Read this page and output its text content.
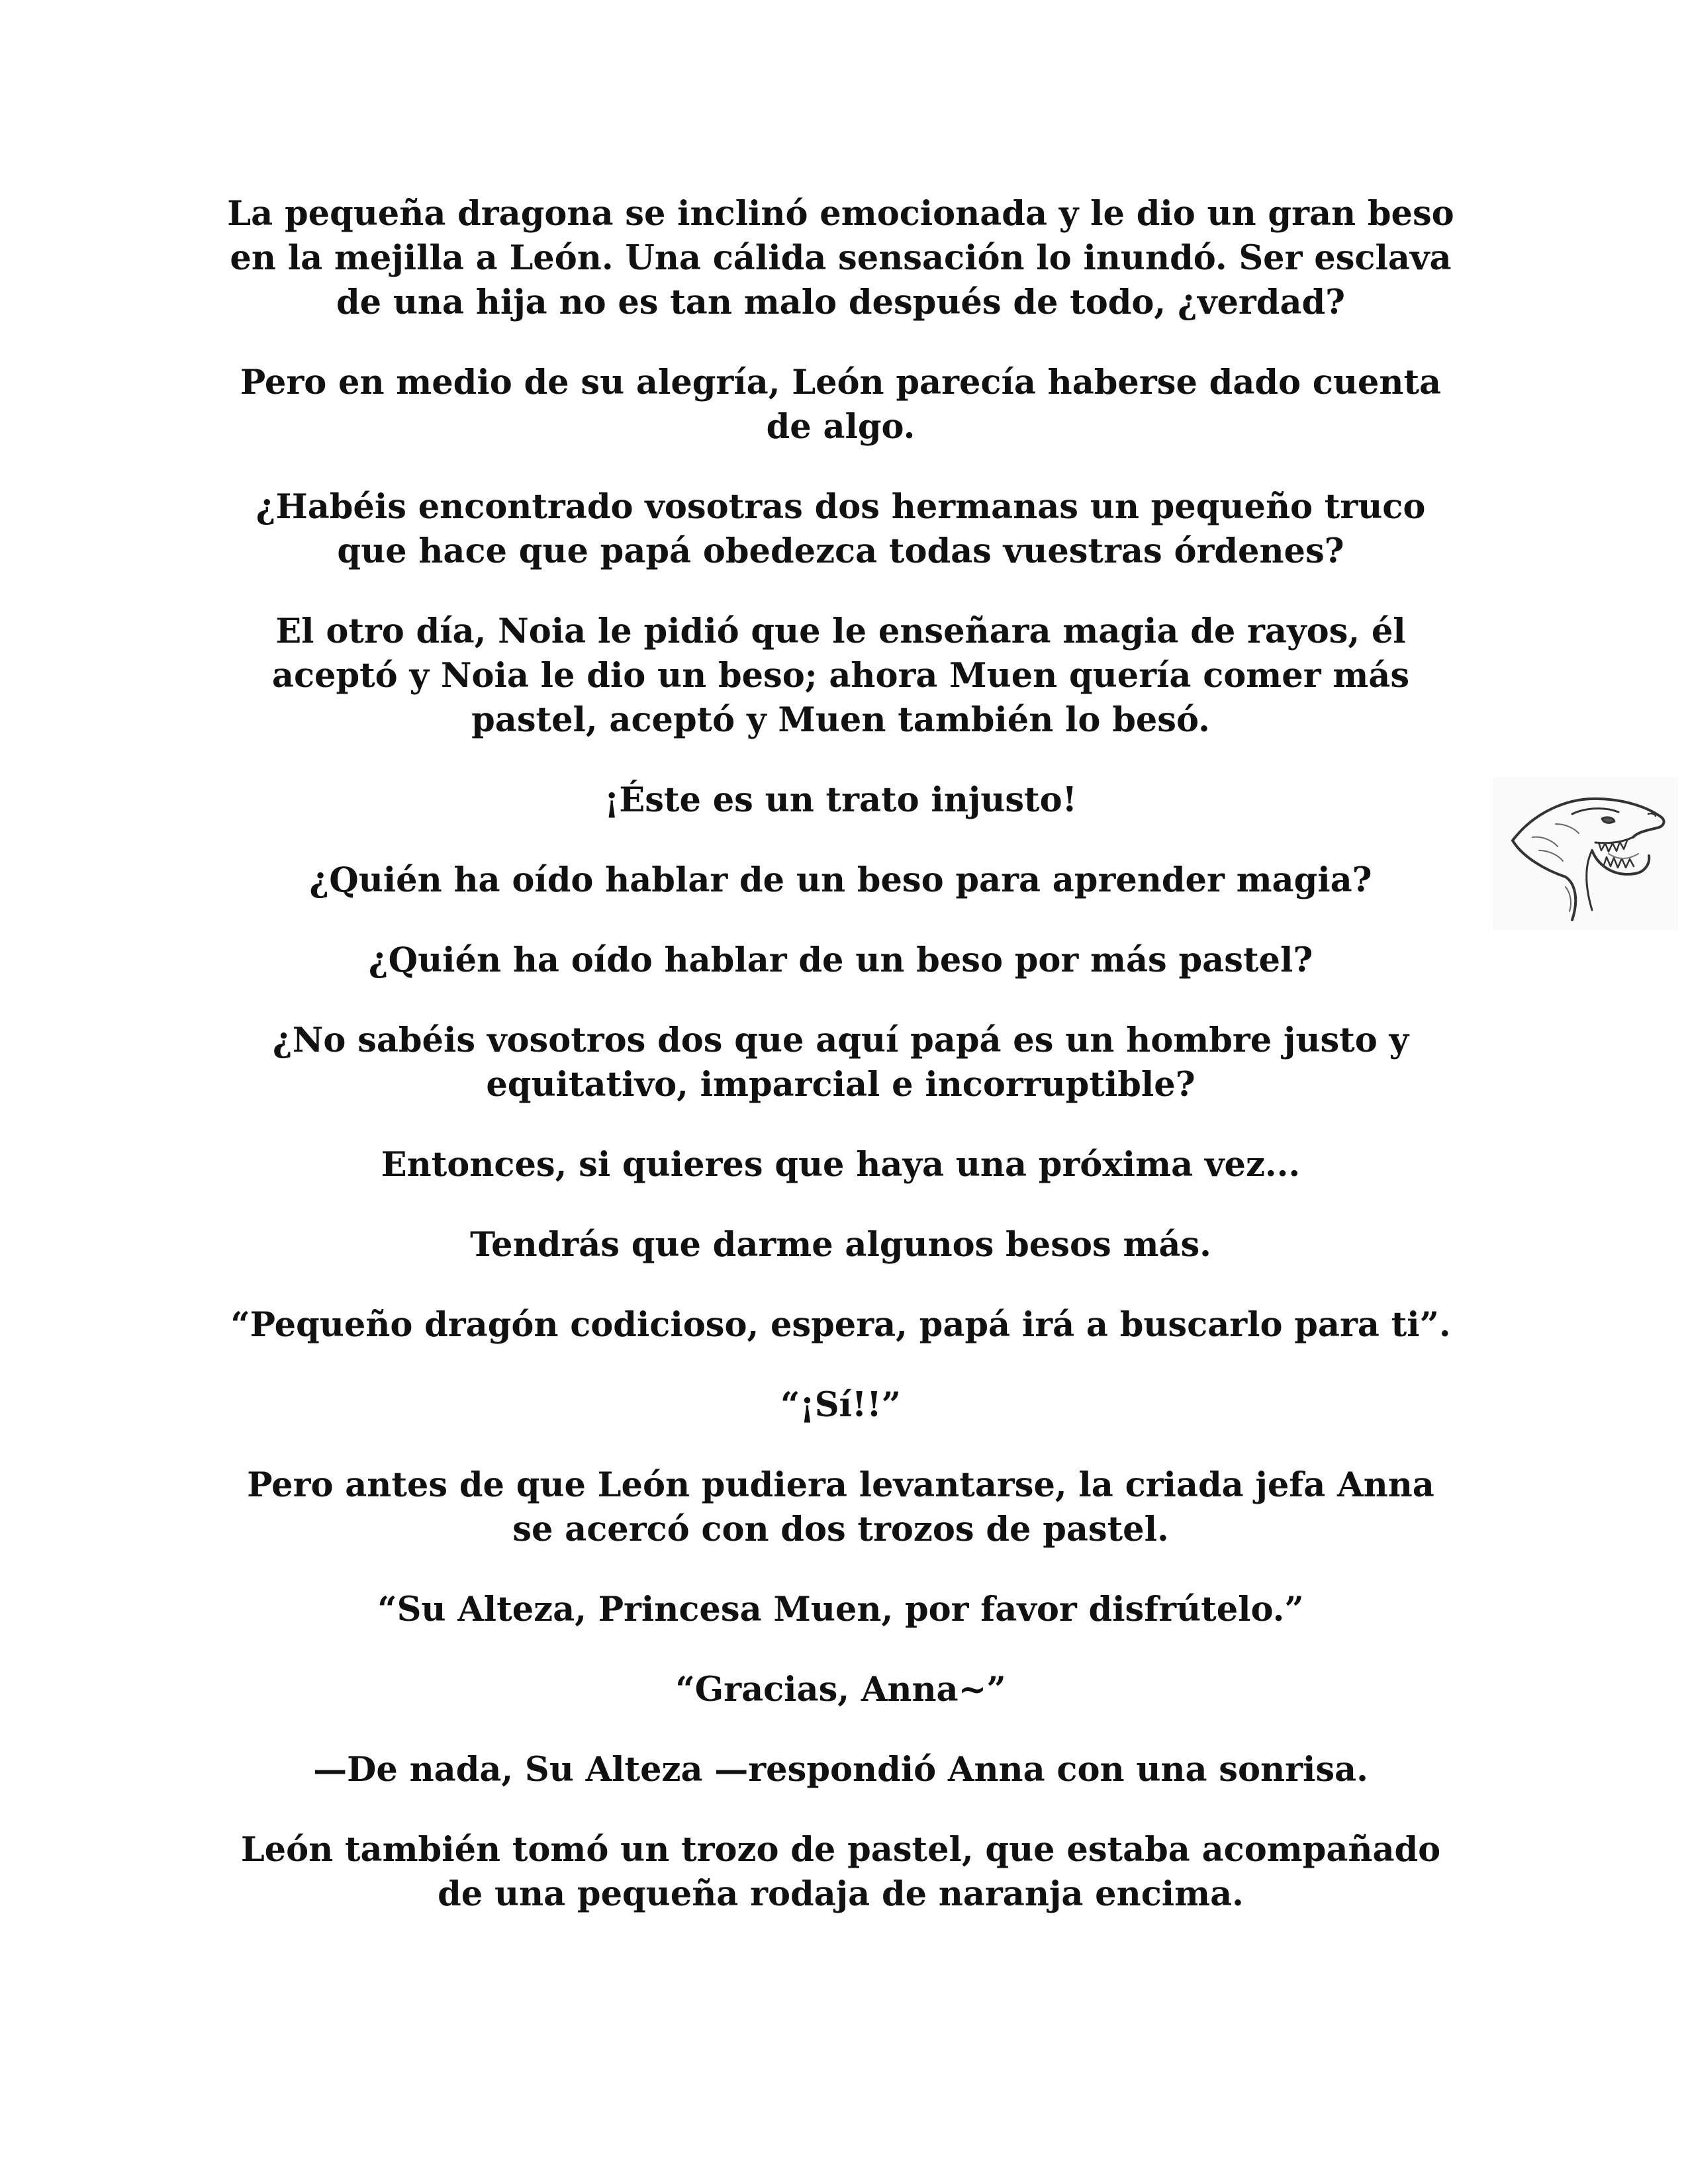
La pequeña dragona se inclinó emocionada y le dio un gran beso en la mejilla a León. Una cálida sensación lo inundó. Ser esclava de una hija no es tan malo después de todo, ¿verdad?

Pero en medio de su alegría, León parecía haberse dado cuenta de algo.

¿Habéis encontrado vosotras dos hermanas un pequeño truco que hace que papá obedezca todas vuestras órdenes?

El otro día, Noia le pidió que le enseñara magia de rayos, él aceptó y Noia le dio un beso; ahora Muen quería comer más pastel, aceptó y Muen también lo besó.

¡Éste es un trato injusto!

¿Quién ha oído hablar de un beso para aprender magia?

¿Quién ha oído hablar de un beso por más pastel?

¿No sabéis vosotros dos que aquí papá es un hombre justo y equitativo, imparcial e incorruptible?

Entonces, si quieres que haya una próxima vez...

Tendrás que darme algunos besos más.

“Pequeño dragón codicioso, espera, papá irá a buscarlo para ti”.

“¡Sí!!”

Pero antes de que León pudiera levantarse, la criada jefa Anna se acercó con dos trozos de pastel.

“Su Alteza, Princesa Muen, por favor disfrútelo.”

“Gracias, Anna~”

—De nada, Su Alteza —respondió Anna con una sonrisa.

León también tomó un trozo de pastel, que estaba acompañado de una pequeña rodaja de naranja encima.
